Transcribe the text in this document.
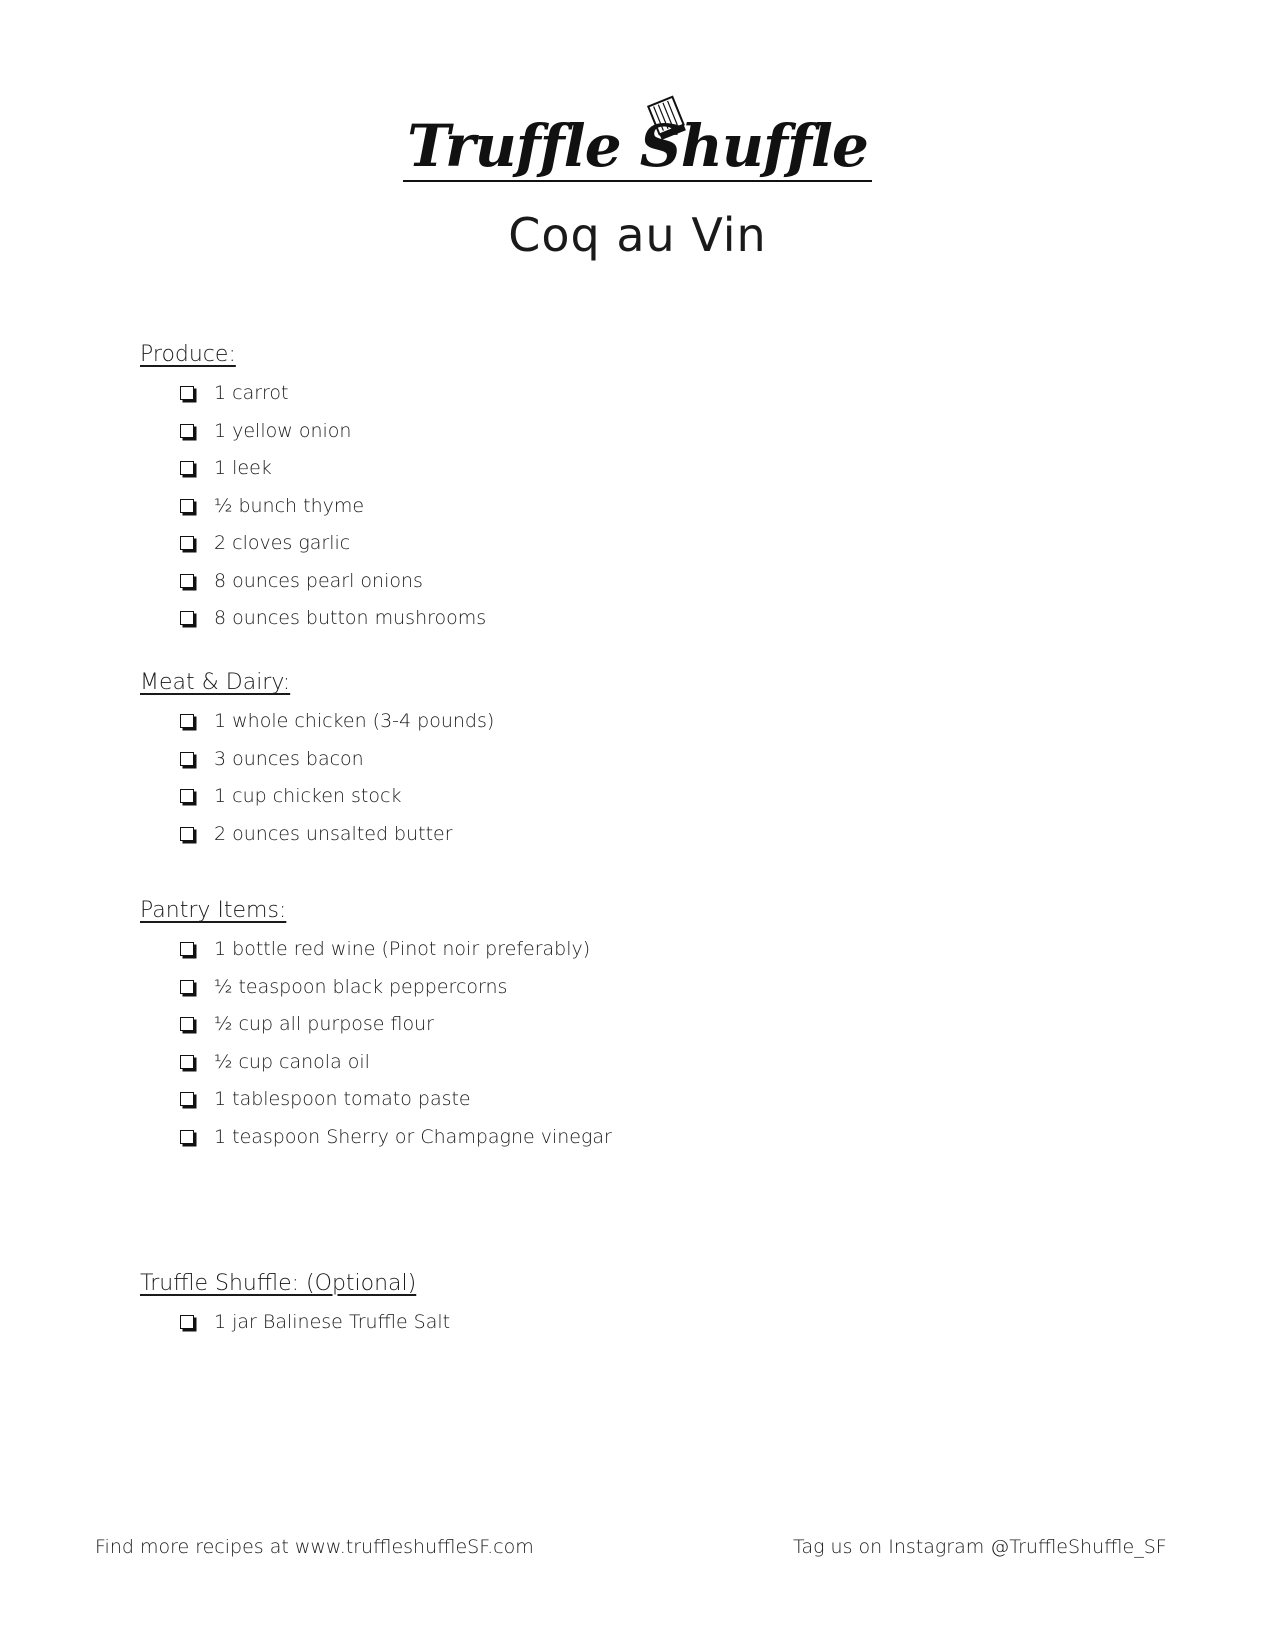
Truffle Shuffle
Coq au Vin
Produce:
1 carrot
1 yellow onion
1 leek
½ bunch thyme
2 cloves garlic
8 ounces pearl onions
8 ounces button mushrooms
Meat & Dairy:
1 whole chicken (3-4 pounds)
3 ounces bacon
1 cup chicken stock
2 ounces unsalted butter
Pantry Items:
1 bottle red wine (Pinot noir preferably)
½ teaspoon black peppercorns
½ cup all purpose flour
½ cup canola oil
1 tablespoon tomato paste
1 teaspoon Sherry or Champagne vinegar
Truffle Shuffle: (Optional)
1 jar Balinese Truffle Salt
Find more recipes at www.truffleshuffleSF.com	Tag us on Instagram @TruffleShuffle_SF
